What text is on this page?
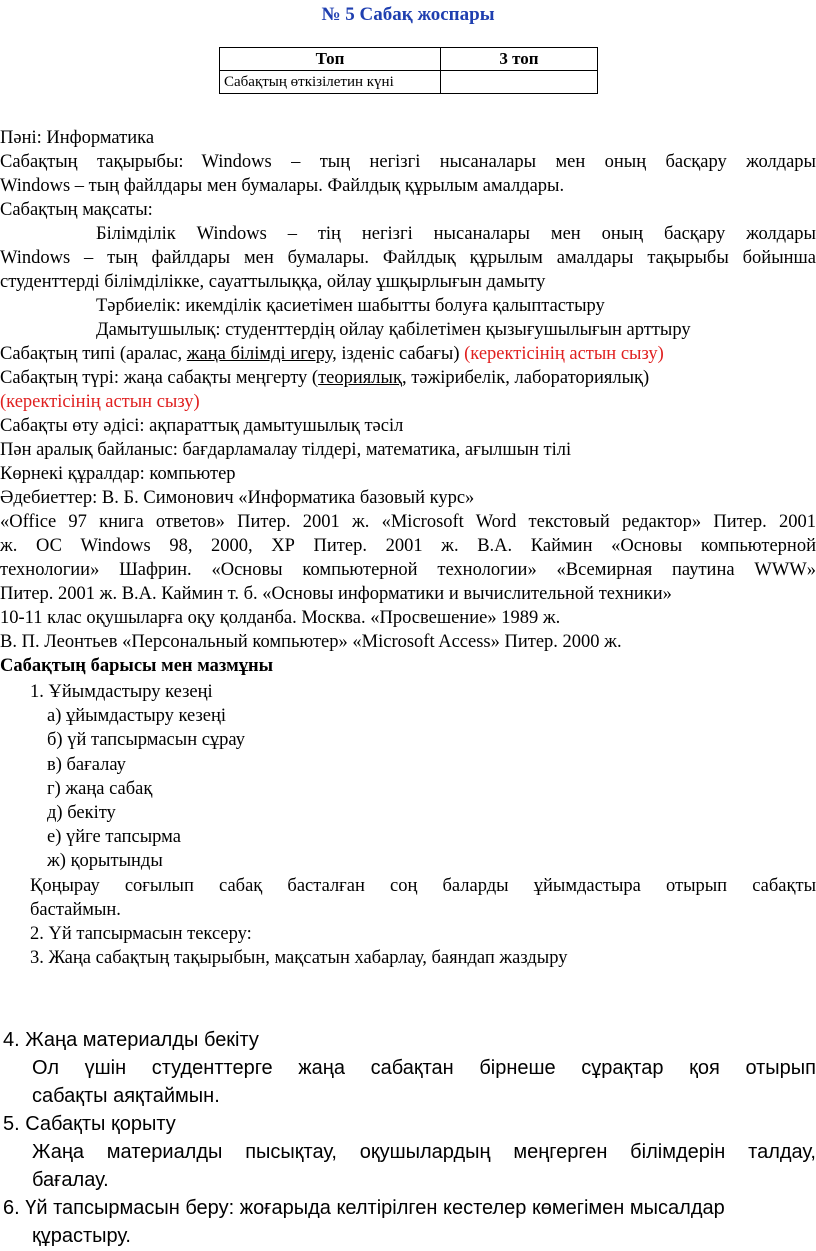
№ 5 Сабақ жоспары
Топ	3 топ
Сабақтың өткізілетин күні	
Пәні: Информатика
Сабақтың тақырыбы: Windows – тың негізгі нысаналары мен оның басқару жолдары
Windows – тың файлдары мен бумалары. Файлдық құрылым амалдары.
Сабақтың мақсаты:
Білімділік Windows – тің негізгі нысаналары мен оның басқару жолдары
Windows – тың файлдары мен бумалары. Файлдық құрылым амалдары тақырыбы бойынша
студенттерді білімділікке, сауаттылыққа, ойлау ұшқырлығын дамыту
Тәрбиелік: икемділік қасиетімен шабытты болуға қалыптастыру
Дамытушылық: студенттердің ойлау қабілетімен қызығушылығын арттыру
Сабақтың типі (аралас, жаңа білімді игеру, ізденіс сабағы) (керектісінің астын сызу)
Сабақтың түрі: жаңа сабақты меңгерту (теориялық, тәжірибелік, лабораториялық)
(керектісінің астын сызу)
Сабақты өту әдісі: ақпараттық дамытушылық тәсіл
Пән аралық байланыс: бағдарламалау тілдері, математика, ағылшын тілі
Көрнекі құралдар: компьютер
Әдебиеттер: В. Б. Симонович «Информатика базовый курс»
«Office 97 книга ответов» Питер. 2001 ж. «Microsoft Word текстовый редактор» Питер. 2001
ж. ОС Windows 98, 2000, ХР Питер. 2001 ж. В.А. Каймин «Основы компьютерной
технологии» Шафрин. «Основы компьютерной технологии» «Всемирная паутина WWW»
Питер. 2001 ж. В.А. Каймин т. б. «Основы информатики и вычислительной техники»
10-11 клас оқушыларға оқу қолданба. Москва. «Просвешение» 1989 ж.
В. П. Леонтьев «Персональный компьютер» «Microsoft Access» Питер. 2000 ж.
Сабақтың барысы мен мазмұны
1. Ұйымдастыру кезеңі
а) ұйымдастыру кезеңі
б) үй тапсырмасын сұрау
в) бағалау
г) жаңа сабақ
д) бекіту
е) үйге тапсырма
ж) қорытынды
Қоңырау соғылып сабақ басталған соң баларды ұйымдастыра отырып сабақты
бастаймын.
2. Үй тапсырмасын тексеру:
3. Жаңа сабақтың тақырыбын, мақсатын хабарлау, баяндап жаздыру
4. Жаңа материалды бекіту
Ол үшін студенттерге жаңа сабақтан бірнеше сұрақтар қоя отырып
сабақты аяқтаймын.
5. Сабақты қорыту
Жаңа материалды пысықтау, оқушылардың меңгерген білімдерін талдау,
бағалау.
6. Үй тапсырмасын беру: жоғарыда келтірілген кестелер көмегімен мысалдар
құрастыру.
